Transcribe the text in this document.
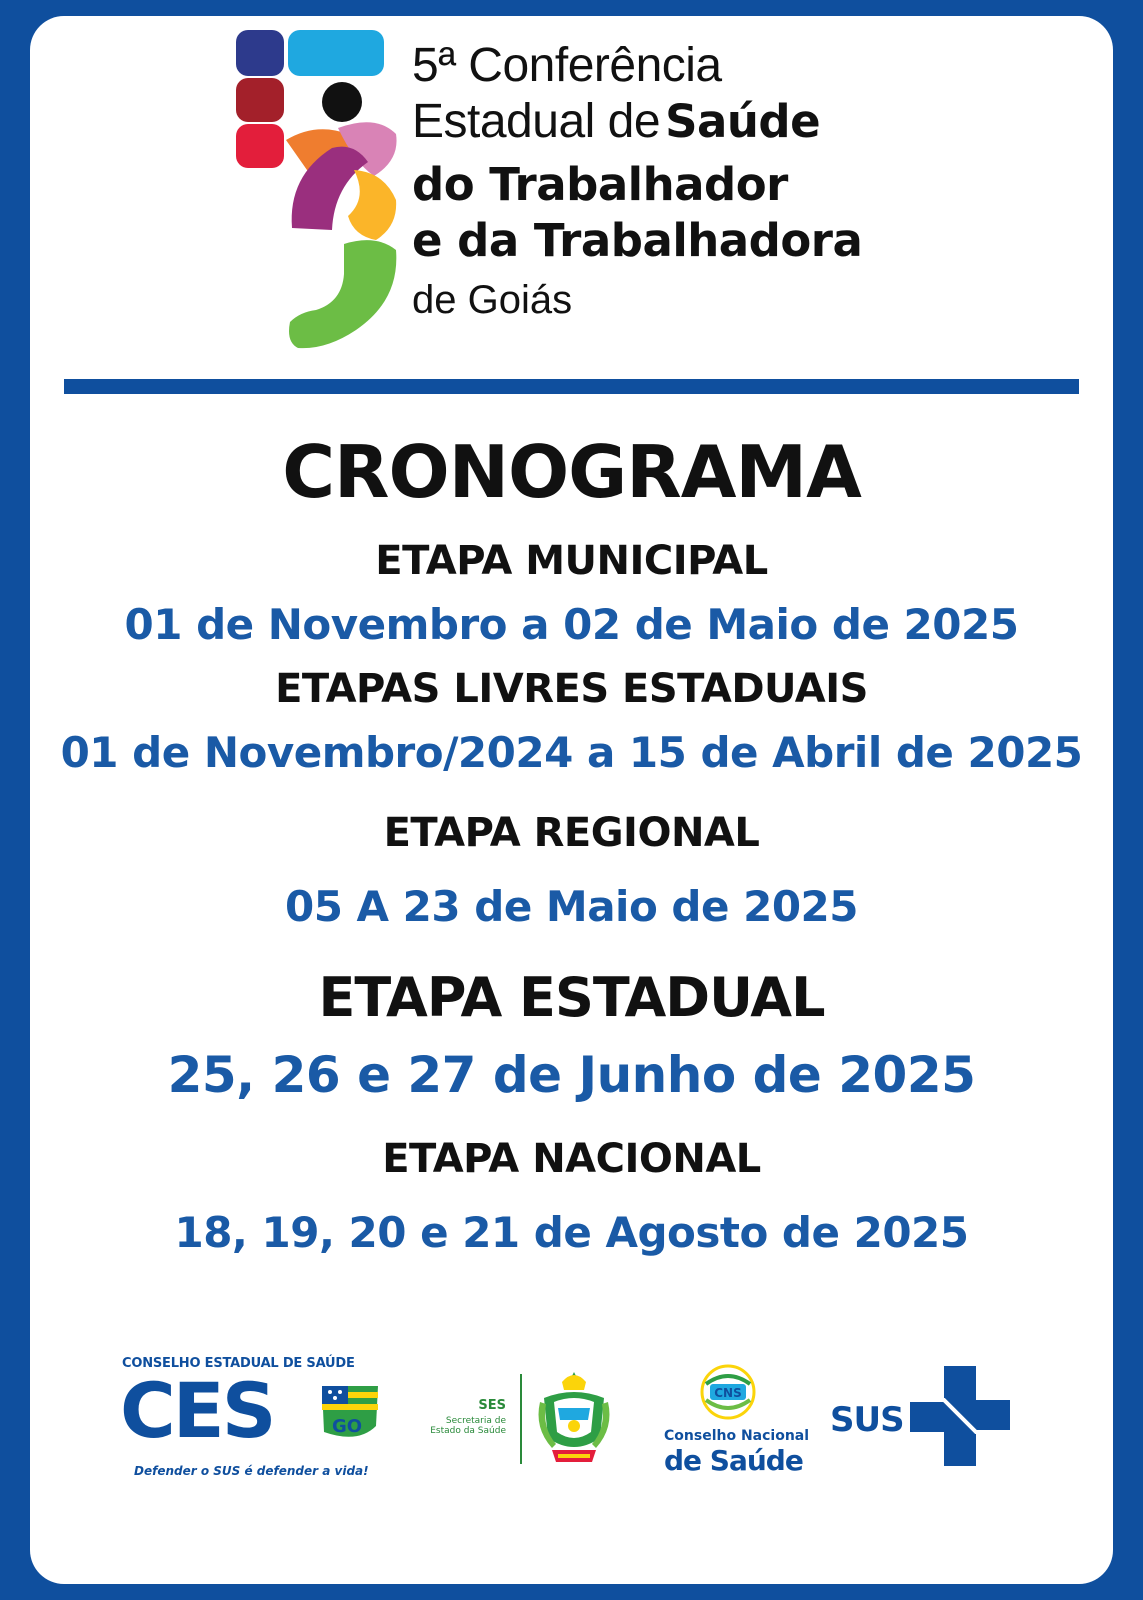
5ª Conferência
Estadual de Saúde
do Trabalhador
e da Trabalhadora
de Goiás
CRONOGRAMA
ETAPA MUNICIPAL
01 de Novembro a 02 de Maio de 2025
ETAPAS LIVRES ESTADUAIS
01 de Novembro/2024 a 15 de Abril de 2025
ETAPA REGIONAL
05 A 23 de Maio de 2025
ETAPA ESTADUAL
25, 26 e 27 de Junho de 2025
ETAPA NACIONAL
18, 19, 20 e 21 de Agosto de 2025
CONSELHO ESTADUAL DE SAÚDE
CES	GO
Defender o SUS é defender a vida!
SES
Secretaria de Estado da Saúde
CNS
Conselho Nacional
de Saúde
SUS
